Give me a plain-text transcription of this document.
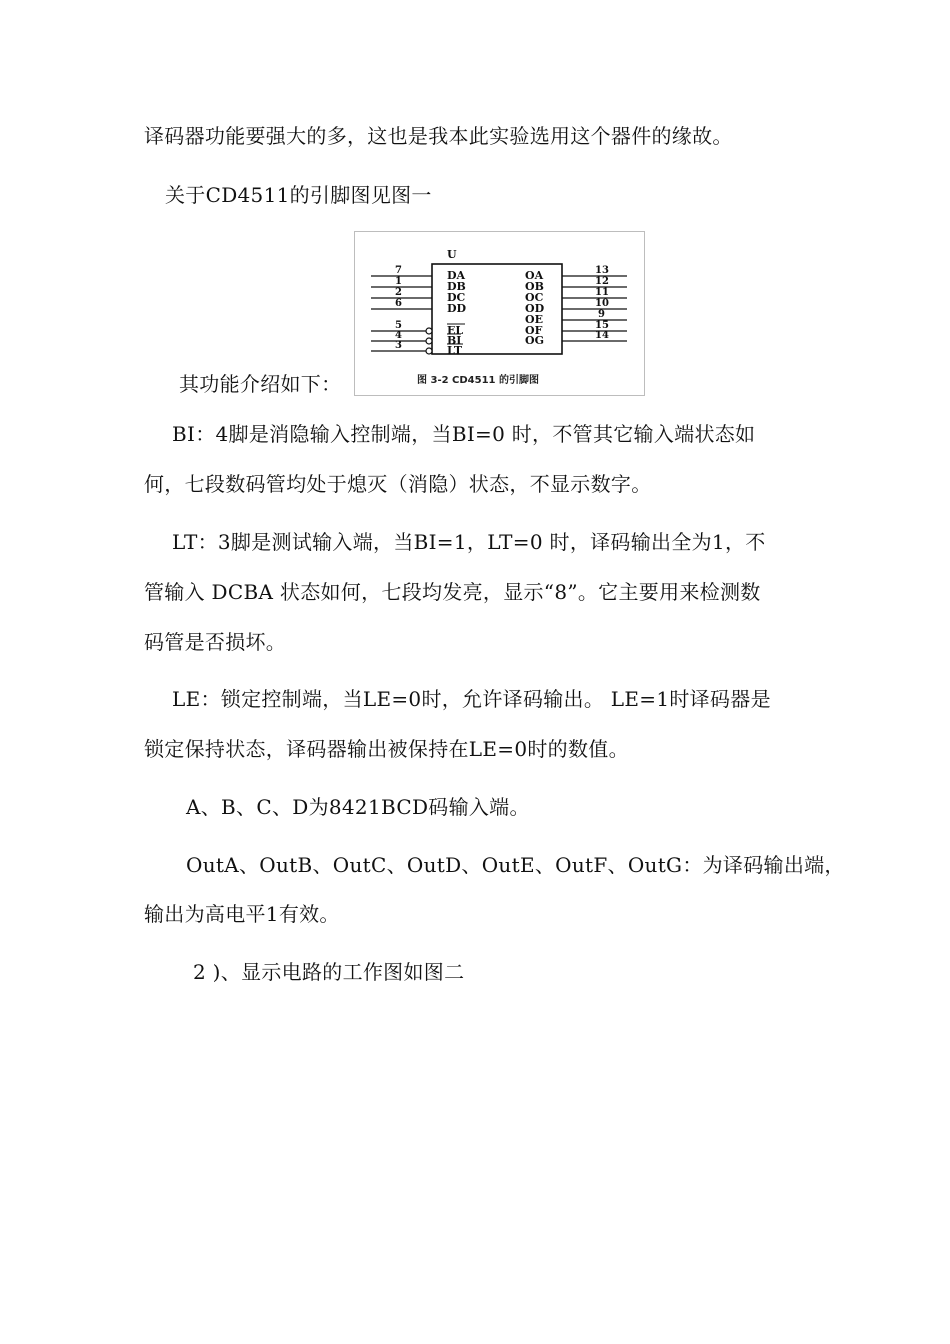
译码器功能要强大的多，这也是我本此实验选用这个器件的缘故。
关于CD4511的引脚图见图一
U
DA
DB
DC
DD
EL
BI
LT
7
1
2
6
5
4
3
OA
OB
OC
OD
OE
OF
OG
13
12
11
10
9
15
14
图 3-2 CD4511 的引脚图
其功能介绍如下：
BI：4脚是消隐输入控制端，当BI=0 时，不管其它输入端状态如
何，七段数码管均处于熄灭（消隐）状态，不显示数字。
LT：3脚是测试输入端，当BI=1，LT=0 时，译码输出全为1，不
管输入 DCBA 状态如何，七段均发亮，显示“8”。它主要用来检测数
码管是否损坏。
LE：锁定控制端，当LE=0时，允许译码输出。 LE=1时译码器是
锁定保持状态，译码器输出被保持在LE=0时的数值。
A、B、C、D为8421BCD码输入端。
OutA、OutB、OutC、OutD、OutE、OutF、OutG：为译码输出端，
输出为高电平1有效。
2 )、显示电路的工作图如图二
